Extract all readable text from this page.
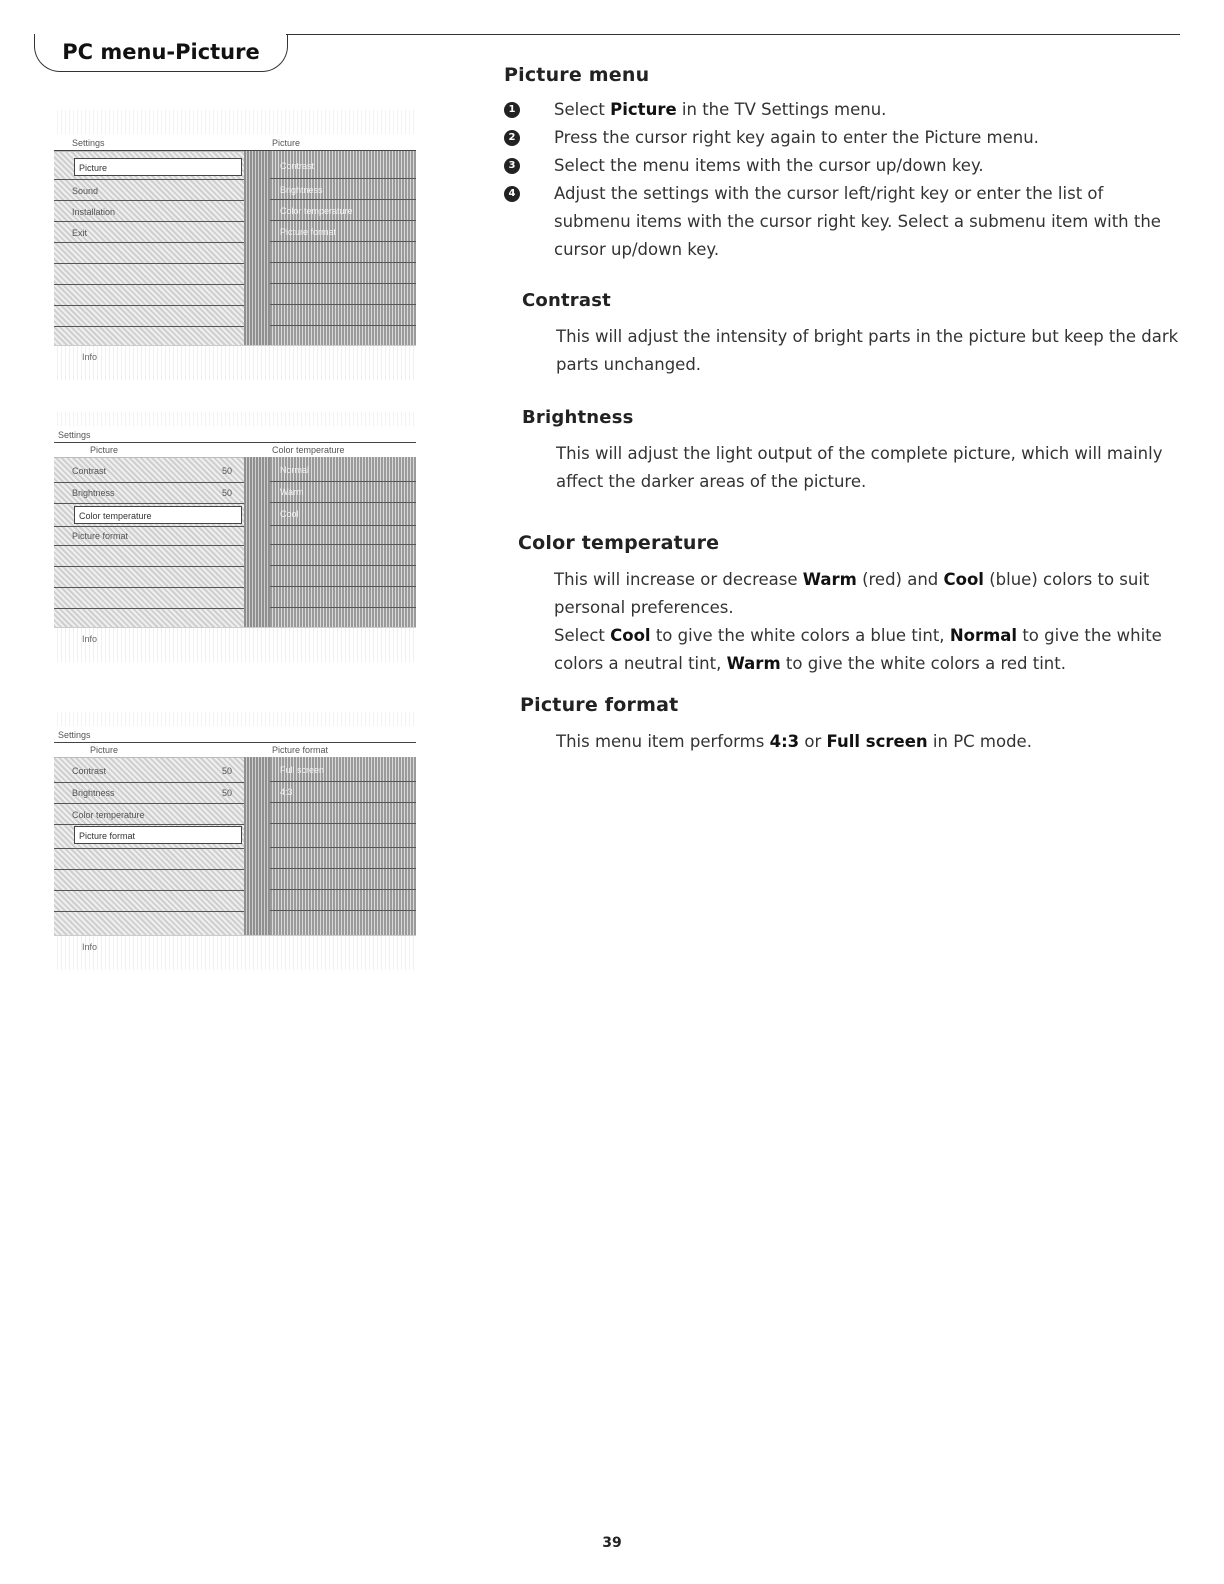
PC menu-Picture
Settings	Picture
Picture
Sound
Installation
Exit
Contrast
Brightness
Color temperature
Picture format
Info
Settings
Picture	Color temperature
Contrast	50
Brightness	50
Color temperature
Picture format
Normal
Warm
Cool
Info
Settings
Picture	Picture format
Contrast	50
Brightness	50
Color temperature
Picture format
Full screen
4:3
Info
Picture menu
1 Select Picture in the TV Settings menu.
2 Press the cursor right key again to enter the Picture menu.
3 Select the menu items with the cursor up/down key.
4 Adjust the settings with the cursor left/right key or enter the list of submenu items with the cursor right key. Select a submenu item with the cursor up/down key.
Contrast

This will adjust the intensity of bright parts in the picture but keep the dark parts unchanged.

Brightness

This will adjust the light output of the complete picture, which will mainly affect the darker areas of the picture.

Color temperature

This will increase or decrease Warm (red) and Cool (blue) colors to suit personal preferences.

Select Cool to give the white colors a blue tint, Normal to give the white colors a neutral tint, Warm to give the white colors a red tint.

Picture format

This menu item performs 4:3 or Full screen in PC mode.

39
